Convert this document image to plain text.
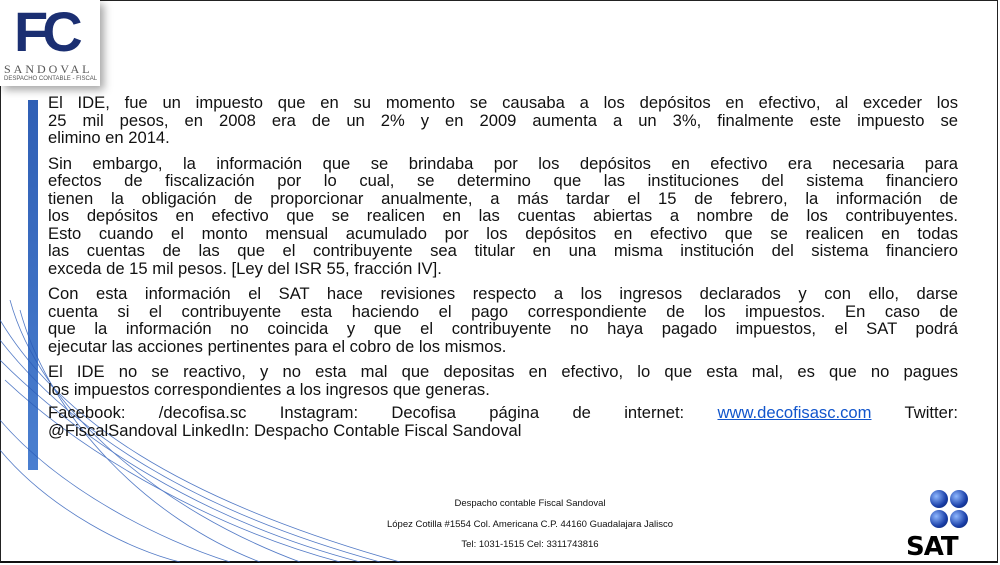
FC
SANDOVAL
DESPACHO CONTABLE - FISCAL
El IDE, fue un impuesto que en su momento se causaba a los depósitos en efectivo, al exceder los
25 mil pesos, en 2008 era de un 2% y en 2009 aumenta a un 3%, finalmente este impuesto se
elimino en 2014.
Sin embargo, la información que se brindaba por los depósitos en efectivo era necesaria para
efectos de fiscalización por lo cual, se determino que las instituciones del sistema financiero
tienen la obligación de proporcionar anualmente, a más tardar el 15 de febrero, la información de
los depósitos en efectivo que se realicen en las cuentas abiertas a nombre de los contribuyentes.
Esto cuando el monto mensual acumulado por los depósitos en efectivo que se realicen en todas
las cuentas de las que el contribuyente sea titular en una misma institución del sistema financiero
exceda de 15 mil pesos. [Ley del ISR 55, fracción IV].
Con esta información el SAT hace revisiones respecto a los ingresos declarados y con ello, darse
cuenta si el contribuyente esta haciendo el pago correspondiente de los impuestos. En caso de
que la información no coincida y que el contribuyente no haya pagado impuestos, el SAT podrá
ejecutar las acciones pertinentes para el cobro de los mismos.
El IDE no se reactivo, y no esta mal que depositas en efectivo, lo que esta mal, es que no pagues
los impuestos correspondientes a los ingresos que generas.
Facebook: /decofisa.sc Instagram: Decofisa página de internet: www.decofisasc.com Twitter:
@FiscalSandoval LinkedIn: Despacho Contable Fiscal Sandoval
Despacho contable Fiscal Sandoval
López Cotilla #1554 Col. Americana C.P. 44160 Guadalajara Jalisco
Tel: 1031-1515 Cel: 3311743816	SAT
